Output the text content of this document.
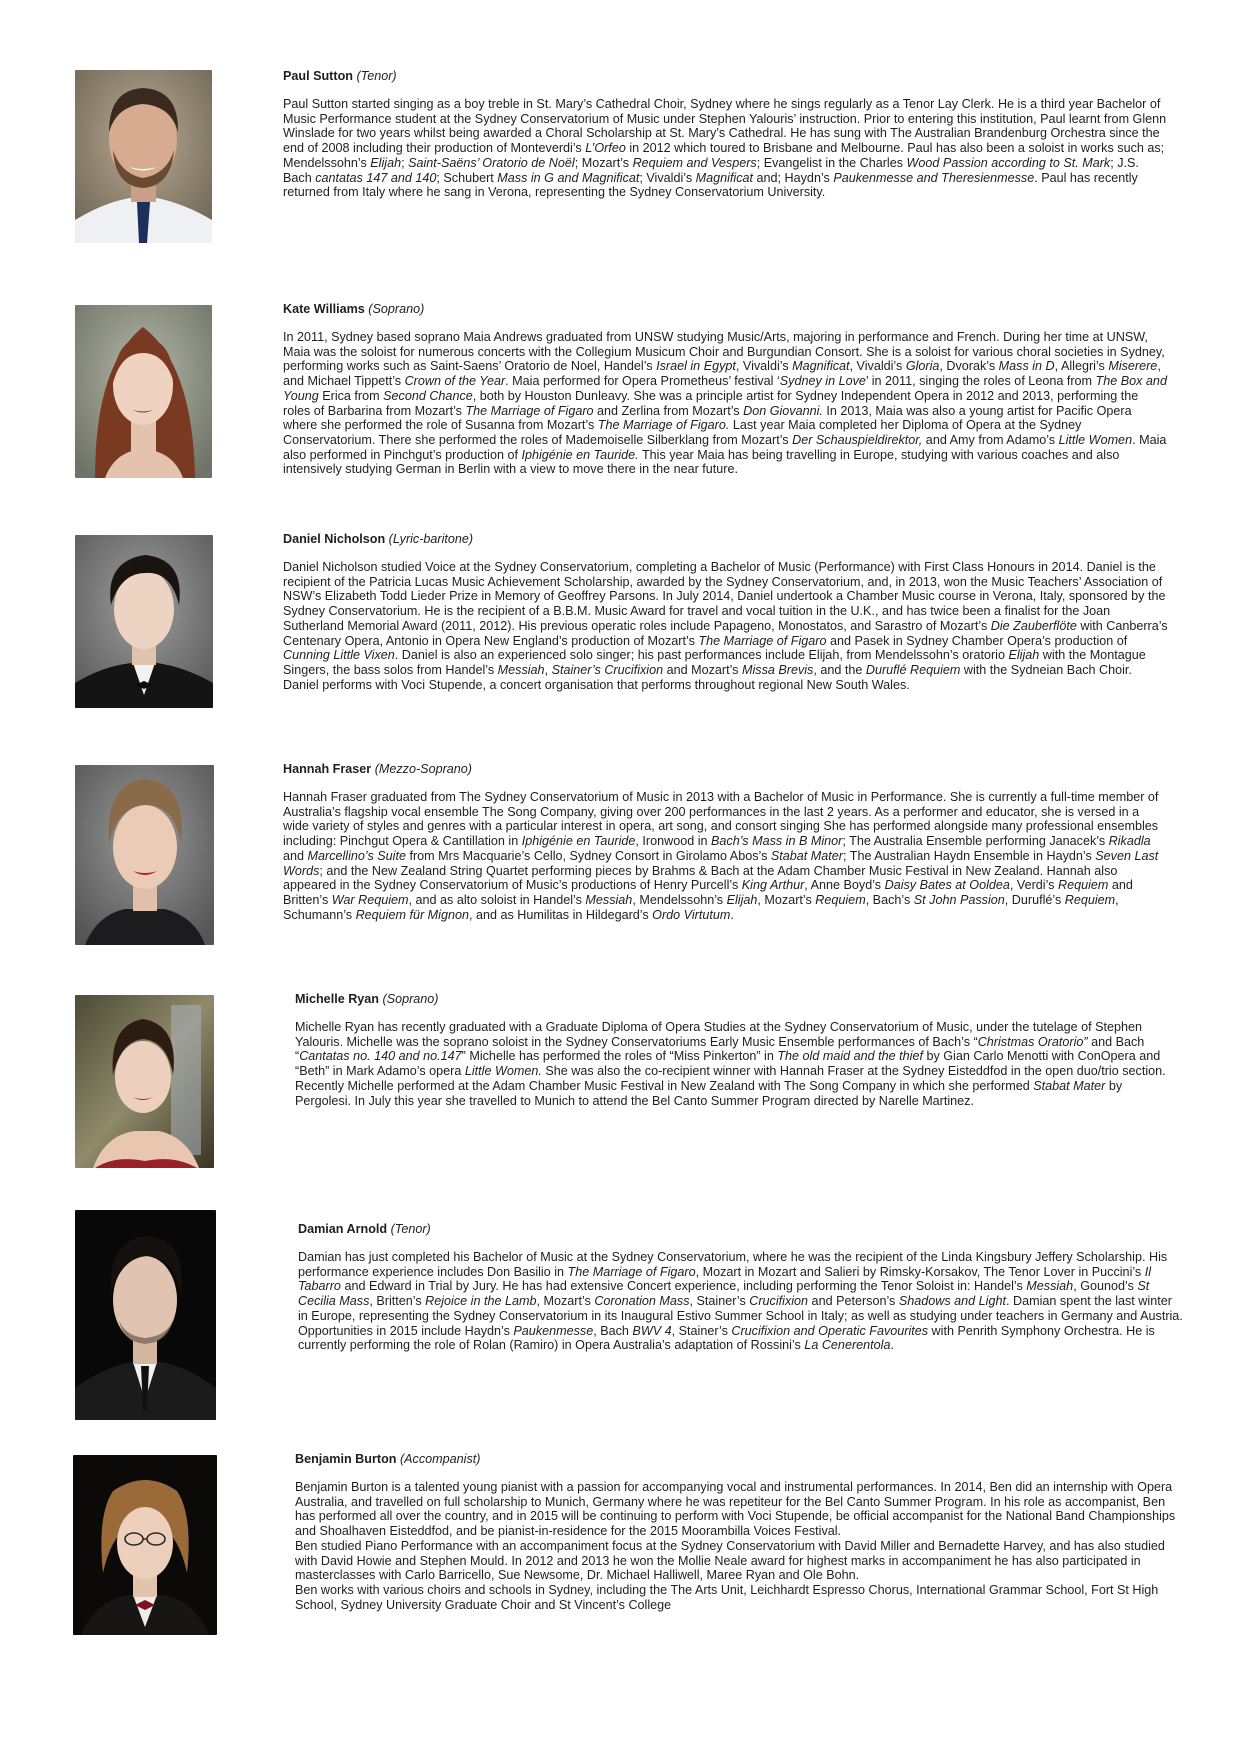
Paul Sutton (Tenor)

Paul Sutton started singing as a boy treble in St. Mary’s Cathedral Choir, Sydney where he sings regularly as a Tenor Lay Clerk. He is a third year Bachelor of Music Performance student at the Sydney Conservatorium of Music under Stephen Yalouris’ instruction. Prior to entering this institution, Paul learnt from Glenn Winslade for two years whilst being awarded a Choral Scholarship at St. Mary’s Cathedral. He has sung with The Australian Brandenburg Orchestra since the end of 2008 including their production of Monteverdi’s L’Orfeo in 2012 which toured to Brisbane and Melbourne. Paul has also been a soloist in works such as; Mendelssohn’s Elijah; Saint-Saëns’ Oratorio de Noël; Mozart’s Requiem and Vespers; Evangelist in the Charles Wood Passion according to St. Mark; J.S. Bach cantatas 147 and 140; Schubert Mass in G and Magnificat; Vivaldi’s Magnificat and; Haydn’s Paukenmesse and Theresienmesse. Paul has recently returned from Italy where he sang in Verona, representing the Sydney Conservatorium University.

Kate Williams (Soprano)

In 2011, Sydney based soprano Maia Andrews graduated from UNSW studying Music/Arts, majoring in performance and French. During her time at UNSW, Maia was the soloist for numerous concerts with the Collegium Musicum Choir and Burgundian Consort. She is a soloist for various choral societies in Sydney, performing works such as Saint-Saens’ Oratorio de Noel, Handel’s Israel in Egypt, Vivaldi’s Magnificat, Vivaldi’s Gloria, Dvorak’s Mass in D, Allegri’s Miserere, and Michael Tippett’s Crown of the Year. Maia performed for Opera Prometheus’ festival ‘Sydney in Love’ in 2011, singing the roles of Leona from The Box and Young Erica from Second Chance, both by Houston Dunleavy. She was a principle artist for Sydney Independent Opera in 2012 and 2013, performing the roles of Barbarina from Mozart’s The Marriage of Figaro and Zerlina from Mozart’s Don Giovanni. In 2013, Maia was also a young artist for Pacific Opera where she performed the role of Susanna from Mozart’s The Marriage of Figaro. Last year Maia completed her Diploma of Opera at the Sydney Conservatorium. There she performed the roles of Mademoiselle Silberklang from Mozart’s Der Schauspieldirektor, and Amy from Adamo’s Little Women. Maia also performed in Pinchgut’s production of Iphigénie en Tauride. This year Maia has being travelling in Europe, studying with various coaches and also intensively studying German in Berlin with a view to move there in the near future.

Daniel Nicholson (Lyric-baritone)

Daniel Nicholson studied Voice at the Sydney Conservatorium, completing a Bachelor of Music (Performance) with First Class Honours in 2014. Daniel is the recipient of the Patricia Lucas Music Achievement Scholarship, awarded by the Sydney Conservatorium, and, in 2013, won the Music Teachers’ Association of NSW’s Elizabeth Todd Lieder Prize in Memory of Geoffrey Parsons. In July 2014, Daniel undertook a Chamber Music course in Verona, Italy, sponsored by the Sydney Conservatorium. He is the recipient of a B.B.M. Music Award for travel and vocal tuition in the U.K., and has twice been a finalist for the Joan Sutherland Memorial Award (2011, 2012). His previous operatic roles include Papageno, Monostatos, and Sarastro of Mozart’s Die Zauberflöte with Canberra’s Centenary Opera, Antonio in Opera New England’s production of Mozart’s The Marriage of Figaro and Pasek in Sydney Chamber Opera’s production of Cunning Little Vixen. Daniel is also an experienced solo singer; his past performances include Elijah, from Mendelssohn’s oratorio Elijah with the Montague Singers, the bass solos from Handel’s Messiah, Stainer’s Crucifixion and Mozart’s Missa Brevis, and the Duruflé Requiem with the Sydneian Bach Choir. Daniel performs with Voci Stupende, a concert organisation that performs throughout regional New South Wales.

Hannah Fraser (Mezzo-Soprano)

Hannah Fraser graduated from The Sydney Conservatorium of Music in 2013 with a Bachelor of Music in Performance. She is currently a full-time member of Australia’s flagship vocal ensemble The Song Company, giving over 200 performances in the last 2 years. As a performer and educator, she is versed in a wide variety of styles and genres with a particular interest in opera, art song, and consort singing She has performed alongside many professional ensembles including: Pinchgut Opera & Cantillation in Iphigénie en Tauride, Ironwood in Bach’s Mass in B Minor; The Australia Ensemble performing Janacek’s Rikadla and Marcellino’s Suite from Mrs Macquarie’s Cello, Sydney Consort in Girolamo Abos’s Stabat Mater; The Australian Haydn Ensemble in Haydn’s Seven Last Words; and the New Zealand String Quartet performing pieces by Brahms & Bach at the Adam Chamber Music Festival in New Zealand. Hannah also appeared in the Sydney Conservatorium of Music’s productions of Henry Purcell’s King Arthur, Anne Boyd’s Daisy Bates at Ooldea, Verdi’s Requiem and Britten’s War Requiem, and as alto soloist in Handel’s Messiah, Mendelssohn’s Elijah, Mozart’s Requiem, Bach’s St John Passion, Duruflé’s Requiem, Schumann’s Requiem für Mignon, and as Humilitas in Hildegard’s Ordo Virtutum.

Michelle Ryan (Soprano)

Michelle Ryan has recently graduated with a Graduate Diploma of Opera Studies at the Sydney Conservatorium of Music, under the tutelage of Stephen Yalouris. Michelle was the soprano soloist in the Sydney Conservatoriums Early Music Ensemble performances of Bach’s “Christmas Oratorio” and Bach “Cantatas no. 140 and no.147” Michelle has performed the roles of “Miss Pinkerton” in The old maid and the thief by Gian Carlo Menotti with ConOpera and “Beth” in Mark Adamo’s opera Little Women. She was also the co-recipient winner with Hannah Fraser at the Sydney Eisteddfod in the open duo/trio section. Recently Michelle performed at the Adam Chamber Music Festival in New Zealand with The Song Company in which she performed Stabat Mater by Pergolesi. In July this year she travelled to Munich to attend the Bel Canto Summer Program directed by Narelle Martinez.

Damian Arnold (Tenor)

Damian has just completed his Bachelor of Music at the Sydney Conservatorium, where he was the recipient of the Linda Kingsbury Jeffery Scholarship. His performance experience includes Don Basilio in The Marriage of Figaro, Mozart in Mozart and Salieri by Rimsky-Korsakov, The Tenor Lover in Puccini’s Il Tabarro and Edward in Trial by Jury. He has had extensive Concert experience, including performing the Tenor Soloist in: Handel’s Messiah, Gounod’s St Cecilia Mass, Britten’s Rejoice in the Lamb, Mozart’s Coronation Mass, Stainer’s Crucifixion and Peterson’s Shadows and Light. Damian spent the last winter in Europe, representing the Sydney Conservatorium in its Inaugural Estivo Summer School in Italy; as well as studying under teachers in Germany and Austria. Opportunities in 2015 include Haydn’s Paukenmesse, Bach BWV 4, Stainer’s Crucifixion and Operatic Favourites with Penrith Symphony Orchestra. He is currently performing the role of Rolan (Ramiro) in Opera Australia’s adaptation of Rossini’s La Cenerentola.

Benjamin Burton (Accompanist)

Benjamin Burton is a talented young pianist with a passion for accompanying vocal and instrumental performances. In 2014, Ben did an internship with Opera Australia, and travelled on full scholarship to Munich, Germany where he was repetiteur for the Bel Canto Summer Program. In his role as accompanist, Ben has performed all over the country, and in 2015 will be continuing to perform with Voci Stupende, be official accompanist for the National Band Championships and Shoalhaven Eisteddfod, and be pianist-in-residence for the 2015 Moorambilla Voices Festival.

Ben studied Piano Performance with an accompaniment focus at the Sydney Conservatorium with David Miller and Bernadette Harvey, and has also studied with David Howie and Stephen Mould. In 2012 and 2013 he won the Mollie Neale award for highest marks in accompaniment he has also participated in masterclasses with Carlo Barricello, Sue Newsome, Dr. Michael Halliwell, Maree Ryan and Ole Bohn.

Ben works with various choirs and schools in Sydney, including the The Arts Unit, Leichhardt Espresso Chorus, International Grammar School, Fort St High School, Sydney University Graduate Choir and St Vincent’s College
